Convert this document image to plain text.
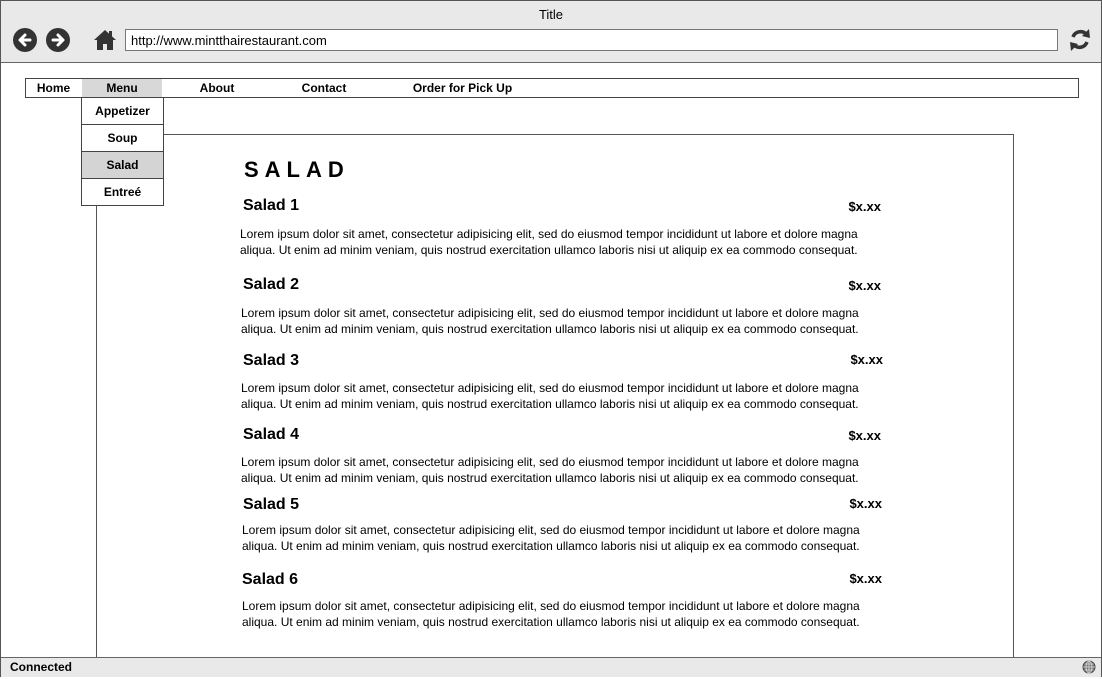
Title
http://www.mintthairestaurant.com
Home	Menu	About	Contact	Order for Pick Up
Appetizer
Soup
Salad
Entreé
SALAD
Salad 1	$x.xx
Lorem ipsum dolor sit amet, consectetur adipisicing elit, sed do eiusmod tempor incididunt ut labore et dolore magna aliqua. Ut enim ad minim veniam, quis nostrud exercitation ullamco laboris nisi ut aliquip ex ea commodo consequat.
Salad 2	$x.xx
Lorem ipsum dolor sit amet, consectetur adipisicing elit, sed do eiusmod tempor incididunt ut labore et dolore magna aliqua. Ut enim ad minim veniam, quis nostrud exercitation ullamco laboris nisi ut aliquip ex ea commodo consequat.
Salad 3	$x.xx
Lorem ipsum dolor sit amet, consectetur adipisicing elit, sed do eiusmod tempor incididunt ut labore et dolore magna aliqua. Ut enim ad minim veniam, quis nostrud exercitation ullamco laboris nisi ut aliquip ex ea commodo consequat.
Salad 4	$x.xx
Lorem ipsum dolor sit amet, consectetur adipisicing elit, sed do eiusmod tempor incididunt ut labore et dolore magna aliqua. Ut enim ad minim veniam, quis nostrud exercitation ullamco laboris nisi ut aliquip ex ea commodo consequat.
Salad 5	$x.xx
Lorem ipsum dolor sit amet, consectetur adipisicing elit, sed do eiusmod tempor incididunt ut labore et dolore magna aliqua. Ut enim ad minim veniam, quis nostrud exercitation ullamco laboris nisi ut aliquip ex ea commodo consequat.
Salad 6	$x.xx
Lorem ipsum dolor sit amet, consectetur adipisicing elit, sed do eiusmod tempor incididunt ut labore et dolore magna aliqua. Ut enim ad minim veniam, quis nostrud exercitation ullamco laboris nisi ut aliquip ex ea commodo consequat.
Connected
